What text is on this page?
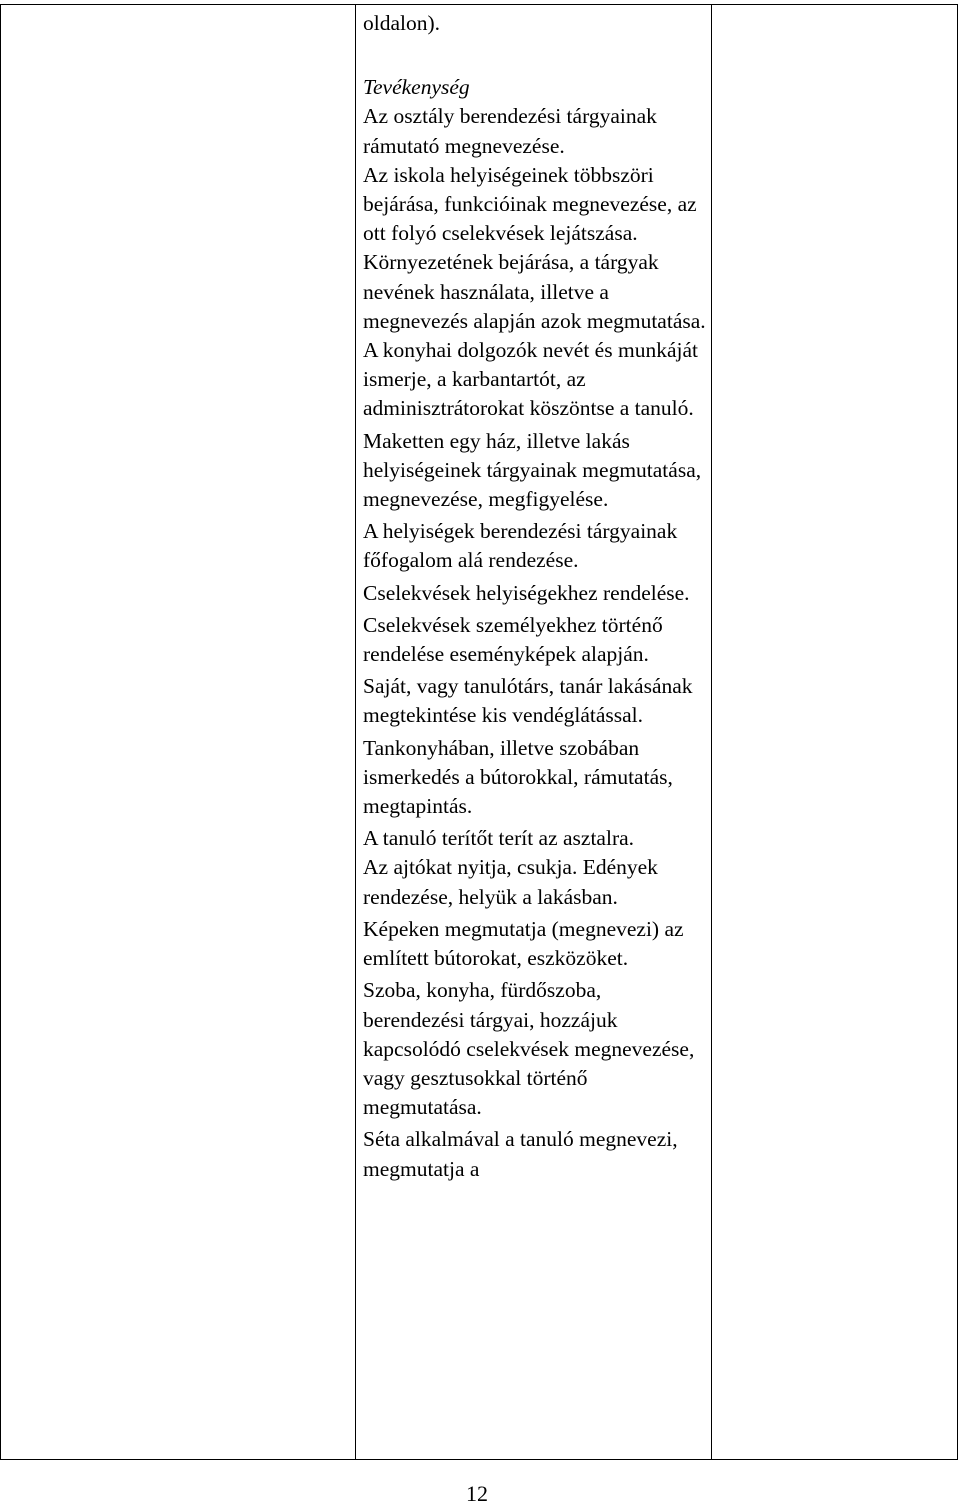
oldalon).

Tevékenység

Az osztály berendezési tárgyainak rámutató megnevezése.

Az iskola helyiségeinek többszöri bejárása, funkcióinak megnevezése, az ott folyó cselekvések lejátszása.

Környezetének bejárása, a tárgyak nevének használata, illetve a megnevezés alapján azok megmutatása. A konyhai dolgozók nevét és munkáját ismerje, a karbantartót, az adminisztrátorokat köszöntse a tanuló.

Maketten egy ház, illetve lakás helyiségeinek tárgyainak megmutatása, megnevezése, megfigyelése.

A helyiségek berendezési tárgyainak főfogalom alá rendezése.

Cselekvések helyiségekhez rendelése.

Cselekvések személyekhez történő rendelése eseményképek alapján.

Saját, vagy tanulótárs, tanár lakásának megtekintése kis vendéglátással.

Tankonyhában, illetve szobában ismerkedés a bútorokkal, rámutatás, megtapintás.

A tanuló terítőt terít az asztalra.

Az ajtókat nyitja, csukja. Edények rendezése, helyük a lakásban.

Képeken megmutatja (megnevezi) az említett bútorokat, eszközöket.

Szoba, konyha, fürdőszoba, berendezési tárgyai, hozzájuk kapcsolódó cselekvések megnevezése, vagy gesztusokkal történő megmutatása.

Séta alkalmával a tanuló megnevezi, megmutatja a

12
